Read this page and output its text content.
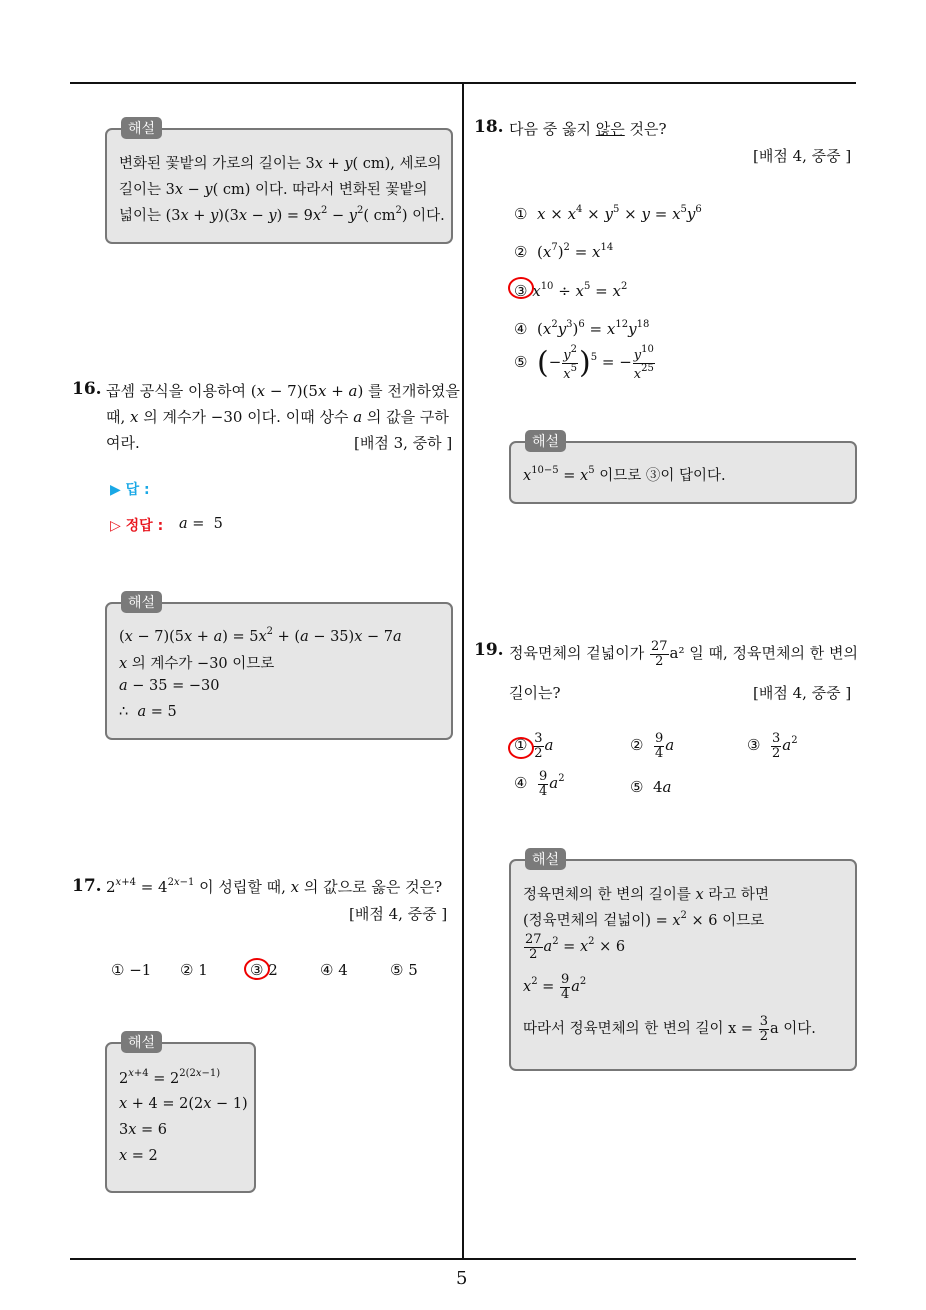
5
해설
변화된 꽃밭의 가로의 길이는 3x + y( cm), 세로의
길이는 3x − y( cm) 이다. 따라서 변화된 꽃밭의
넓이는 $(3x + y)(3x - y) = 9x^2 - y^2$( $cm^2$) 이다.
16. 곱셈 공식을 이용하여 (x − 7)(5x + a) 를 전개하였을
때, x 의 계수가 −30 이다. 이때 상수 a 의 값을 구하
여라.	[배점 3, 중하 ]
▶ 답 :
▷ 정답 : a =  5
해설
$(x - 7)(5x + a) = 5x^2 + (a - 35)x - 7a$
x 의 계수가 −30 이므로
a − 35 = −30
∴  a = 5
17. $2^{x+4} = 4^{2x-1}$ 이 성립할 때, x 의 값으로 옳은 것은?
[배점 4, 중중 ]
① −1 ② 1	③ 2	④ 4	⑤ 5
해설
$2^{x+4} = 2^{2(2x-1)}$
x + 4 = 2(2x − 1)
3x = 6
x = 2
18. 다음 중 옳지 않은 것은?
[배점 4, 중중 ]
①  $x \times x^4 \times y^5 \times y = x^5y^6$
②  $(x^7)^2 = x^{14}$
③ $x^{10} \div x^5 = x^2$
④  $(x^2y^3)^6 = x^{12}y^{18}$
⑤  (− $\frac{y^2}{x^5} )^5$ = − $\frac{y^{10}}{x^{25}}$
해설
$x^{10-5} = x^5$ 이므로 ③이 답이다.
19. 정육면체의 겉넓이가 $\frac{27}{2} a^2$ 일 때, 정육면체의 한 변의
길이는?	[배점 4, 중중 ]
① $\frac{3}{2}$ a	② $\frac{9}{4}$ a	③ $\frac{3}{2} a^2$
④ $\frac{9}{4} a^2$	⑤  4a
해설
정육면체의 한 변의 길이를 x 라고 하면
(정육면체의 겉넓이) = $x^2 \times 6$ 이므로
$\frac{27}{2} a^2 = x^2 \times 6$
$x^2 = \frac{9}{4} a^2$
따라서 정육면체의 한 변의 길이 $x = \frac{3}{2}$ a 이다.
